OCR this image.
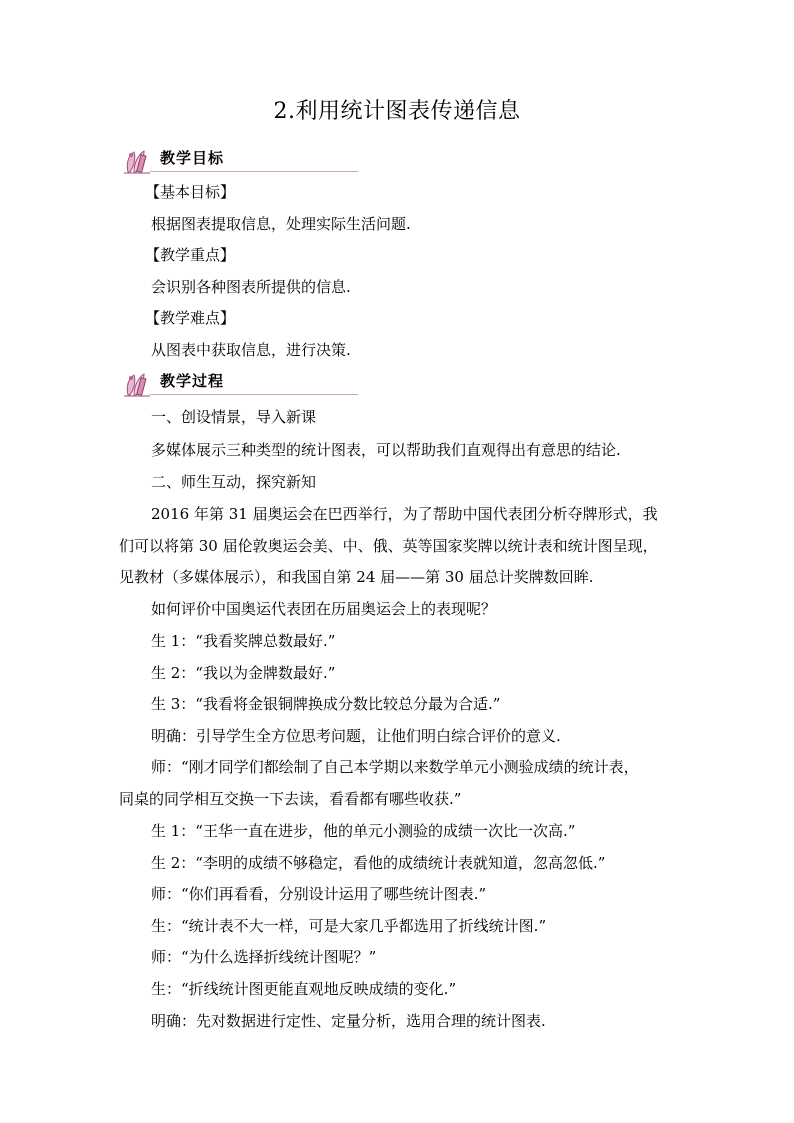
2.利用统计图表传递信息
教学目标
【基本目标】
根据图表提取信息，处理实际生活问题.
【教学重点】
会识别各种图表所提供的信息.
【教学难点】
从图表中获取信息，进行决策.
教学过程
一、创设情景，导入新课
多媒体展示三种类型的统计图表，可以帮助我们直观得出有意思的结论.
二、师生互动，探究新知
2016 年第 31 届奥运会在巴西举行，为了帮助中国代表团分析夺牌形式，我
们可以将第 30 届伦敦奥运会美、中、俄、英等国家奖牌以统计表和统计图呈现，
见教材（多媒体展示），和我国自第 24 届——第 30 届总计奖牌数回眸.
如何评价中国奥运代表团在历届奥运会上的表现呢？
生 1：“我看奖牌总数最好.”
生 2：“我以为金牌数最好.”
生 3：“我看将金银铜牌换成分数比较总分最为合适.”
明确：引导学生全方位思考问题，让他们明白综合评价的意义.
师：“刚才同学们都绘制了自己本学期以来数学单元小测验成绩的统计表，
同桌的同学相互交换一下去读，看看都有哪些收获.”
生 1：“王华一直在进步，他的单元小测验的成绩一次比一次高.”
生 2：“李明的成绩不够稳定，看他的成绩统计表就知道，忽高忽低.”
师：“你们再看看，分别设计运用了哪些统计图表.”
生：“统计表不大一样，可是大家几乎都选用了折线统计图.”
师：“为什么选择折线统计图呢？”
生：“折线统计图更能直观地反映成绩的变化.”
明确：先对数据进行定性、定量分析，选用合理的统计图表.
